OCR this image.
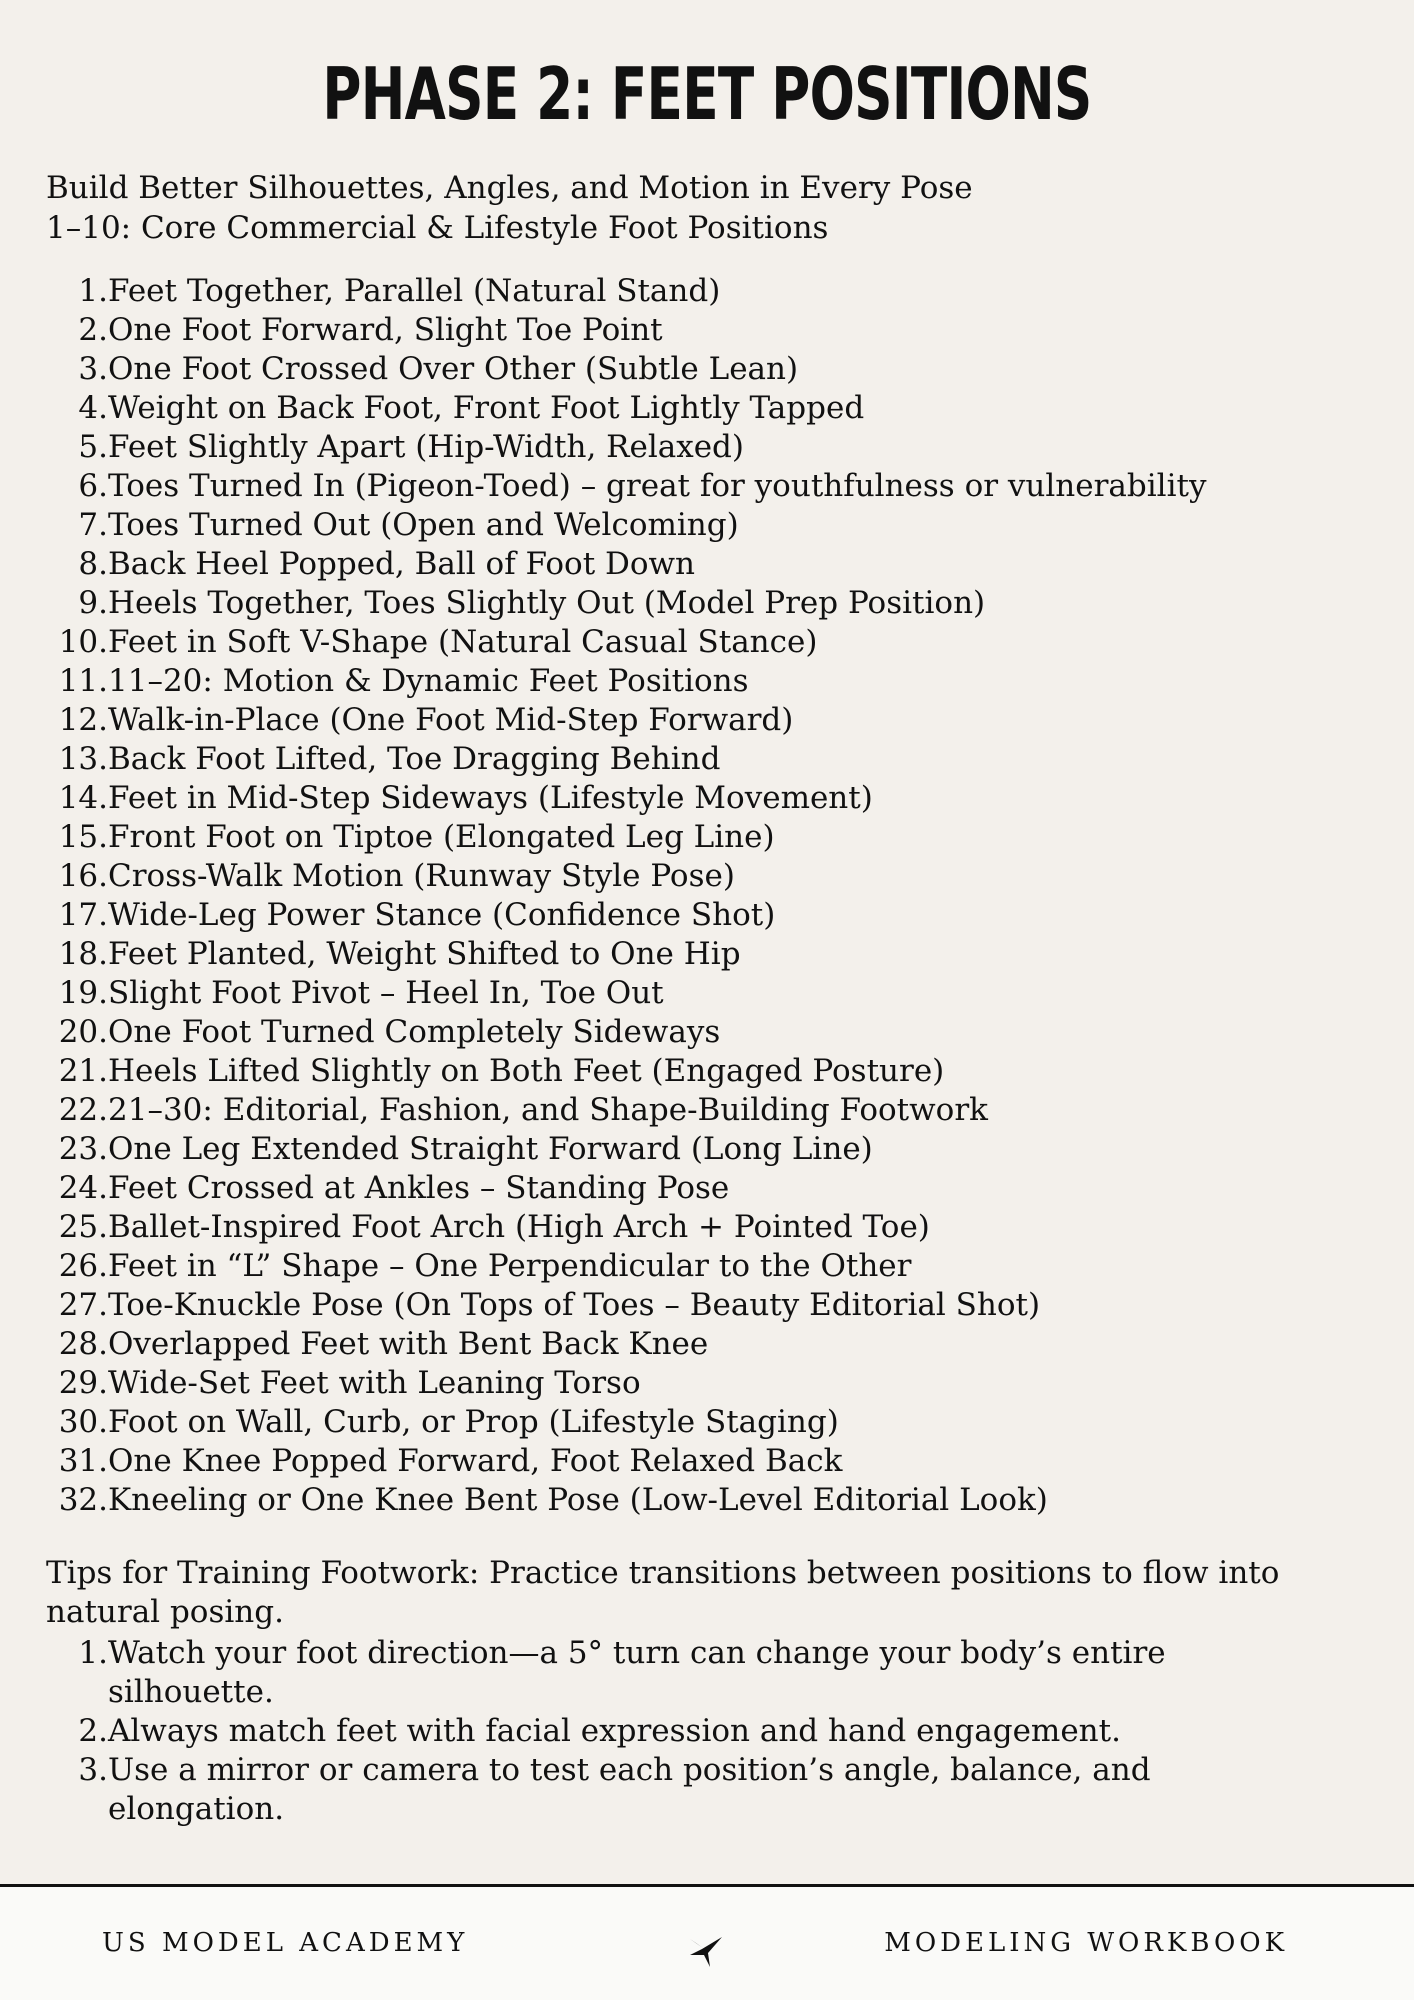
PHASE 2: FEET POSITIONS
Build Better Silhouettes, Angles, and Motion in Every Pose
1–10: Core Commercial & Lifestyle Foot Positions
1. Feet Together, Parallel (Natural Stand)
2. One Foot Forward, Slight Toe Point
3. One Foot Crossed Over Other (Subtle Lean)
4. Weight on Back Foot, Front Foot Lightly Tapped
5. Feet Slightly Apart (Hip-Width, Relaxed)
6. Toes Turned In (Pigeon-Toed) – great for youthfulness or vulnerability
7. Toes Turned Out (Open and Welcoming)
8. Back Heel Popped, Ball of Foot Down
9. Heels Together, Toes Slightly Out (Model Prep Position)
10. Feet in Soft V-Shape (Natural Casual Stance)
11. 11–20: Motion & Dynamic Feet Positions
12. Walk-in-Place (One Foot Mid-Step Forward)
13. Back Foot Lifted, Toe Dragging Behind
14. Feet in Mid-Step Sideways (Lifestyle Movement)
15. Front Foot on Tiptoe (Elongated Leg Line)
16. Cross-Walk Motion (Runway Style Pose)
17. Wide-Leg Power Stance (Confidence Shot)
18. Feet Planted, Weight Shifted to One Hip
19. Slight Foot Pivot – Heel In, Toe Out
20. One Foot Turned Completely Sideways
21. Heels Lifted Slightly on Both Feet (Engaged Posture)
22. 21–30: Editorial, Fashion, and Shape-Building Footwork
23. One Leg Extended Straight Forward (Long Line)
24. Feet Crossed at Ankles – Standing Pose
25. Ballet-Inspired Foot Arch (High Arch + Pointed Toe)
26. Feet in “L” Shape – One Perpendicular to the Other
27. Toe-Knuckle Pose (On Tops of Toes – Beauty Editorial Shot)
28. Overlapped Feet with Bent Back Knee
29. Wide-Set Feet with Leaning Torso
30. Foot on Wall, Curb, or Prop (Lifestyle Staging)
31. One Knee Popped Forward, Foot Relaxed Back
32. Kneeling or One Knee Bent Pose (Low-Level Editorial Look)
Tips for Training Footwork: Practice transitions between positions to flow into natural posing.
1. Watch your foot direction—a 5° turn can change your body’s entire silhouette.
2. Always match feet with facial expression and hand engagement.
3. Use a mirror or camera to test each position’s angle, balance, and elongation.
US MODEL ACADEMY	MODELING WORKBOOK
